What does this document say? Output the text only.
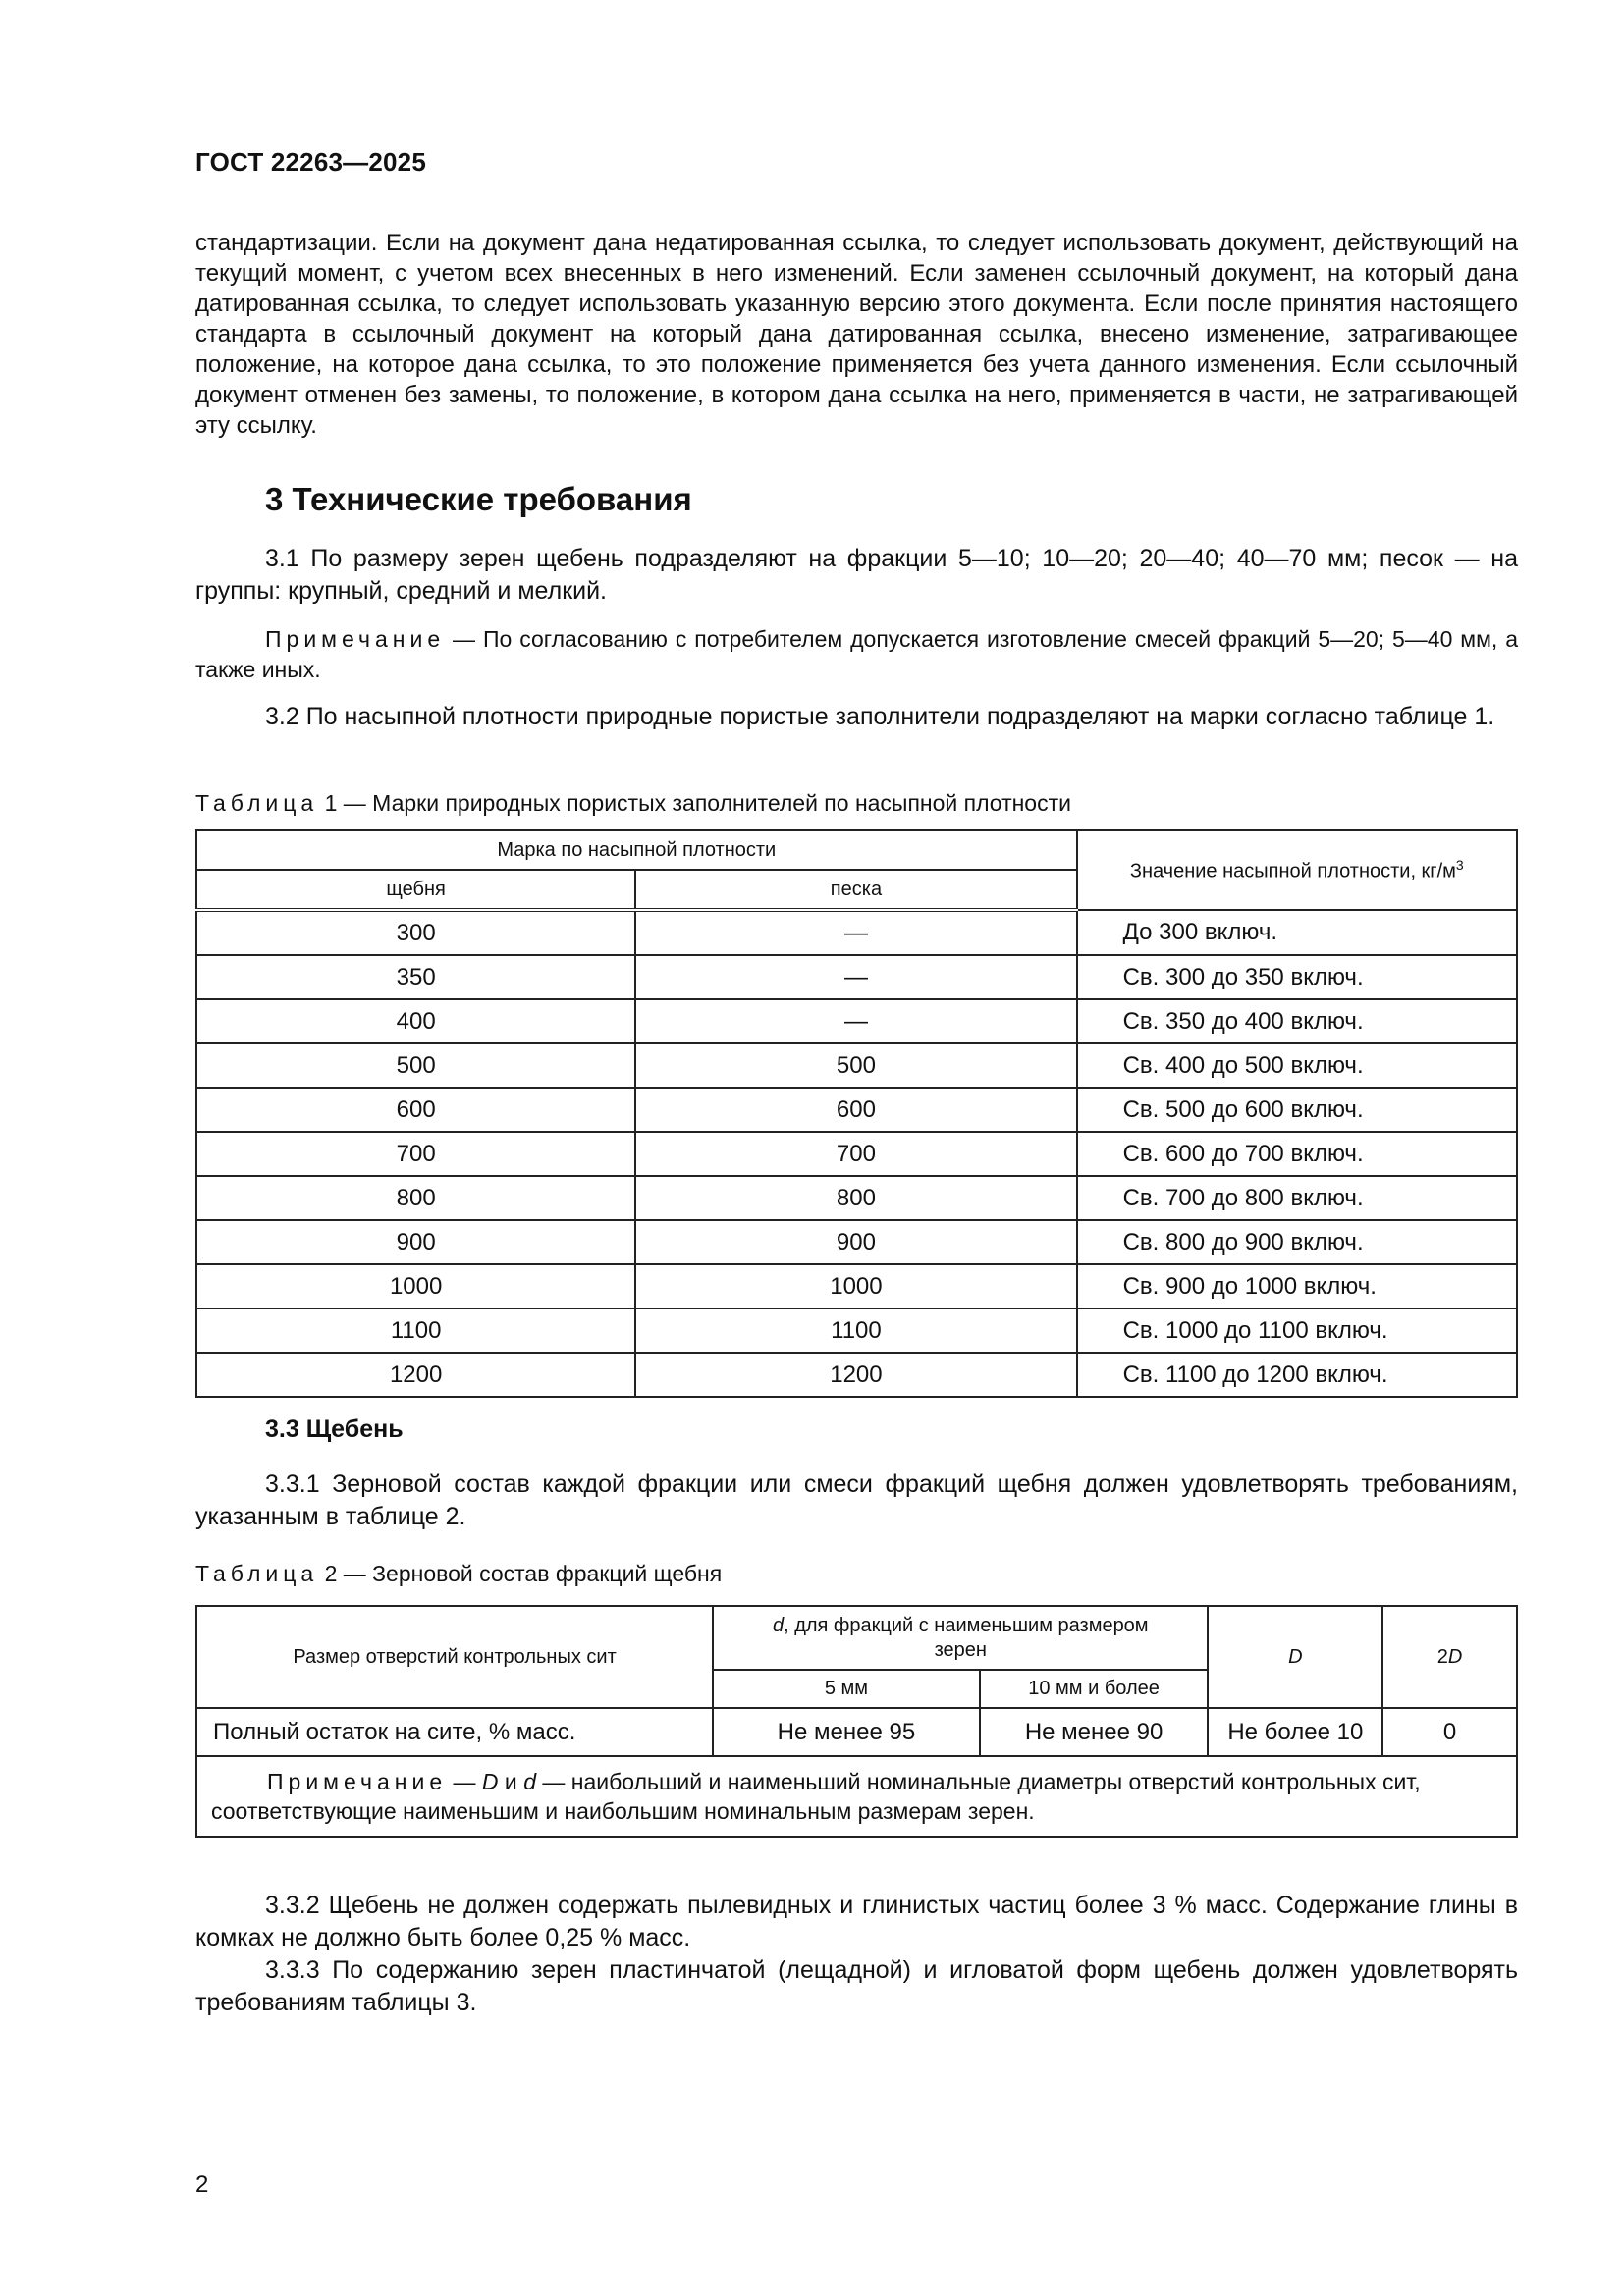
ГОСТ 22263—2025
стандартизации. Если на документ дана недатированная ссылка, то следует использовать документ, действующий на текущий момент, с учетом всех внесенных в него изменений. Если заменен ссылочный документ, на который дана датированная ссылка, то следует использовать указанную версию этого документа. Если после принятия настоящего стандарта в ссылочный документ на который дана датированная ссылка, внесено изменение, затрагивающее положение, на которое дана ссылка, то это положение применяется без учета данного изменения. Если ссылочный документ отменен без замены, то положение, в котором дана ссылка на него, применяется в части, не затрагивающей эту ссылку.
3 Технические требования
3.1 По размеру зерен щебень подразделяют на фракции 5—10; 10—20; 20—40; 40—70 мм; песок — на группы: крупный, средний и мелкий.
Примечание — По согласованию с потребителем допускается изготовление смесей фракций 5—20; 5—40 мм, а также иных.
3.2 По насыпной плотности природные пористые заполнители подразделяют на марки согласно таблице 1.
Таблица 1 — Марки природных пористых заполнителей по насыпной плотности
Марка по насыпной плотности		Значение насыпной плотности, $кг/м^3$
щебня	песка	
300	—	До 300 включ.
350	—	Св. 300 до 350 включ.
400	—	Св. 350 до 400 включ.
500	500	Св. 400 до 500 включ.
600	600	Св. 500 до 600 включ.
700	700	Св. 600 до 700 включ.
800	800	Св. 700 до 800 включ.
900	900	Св. 800 до 900 включ.
1000	1000	Св. 900 до 1000 включ.
1100	1100	Св. 1000 до 1100 включ.
1200	1200	Св. 1100 до 1200 включ.
3.3 Щебень
3.3.1 Зерновой состав каждой фракции или смеси фракций щебня должен удовлетворять требованиям, указанным в таблице 2.
Таблица 2 — Зерновой состав фракций щебня
Размер отверстий контрольных сит	d, для фракций с наименьшим размером зерен		D	2D
	5 мм	10 мм и более		
Полный остаток на сите, % масс.	Не менее 95	Не менее 90	Не более 10	0
Примечание — D и d — наибольший и наименьший номинальные диаметры отверстий контрольных сит, соответствующие наименьшим и наибольшим номинальным размерам зерен.				
3.3.2 Щебень не должен содержать пылевидных и глинистых частиц более 3 % масс. Содержание глины в комках не должно быть более 0,25 % масс.
3.3.3 По содержанию зерен пластинчатой (лещадной) и игловатой форм щебень должен удовлетворять требованиям таблицы 3.
2
